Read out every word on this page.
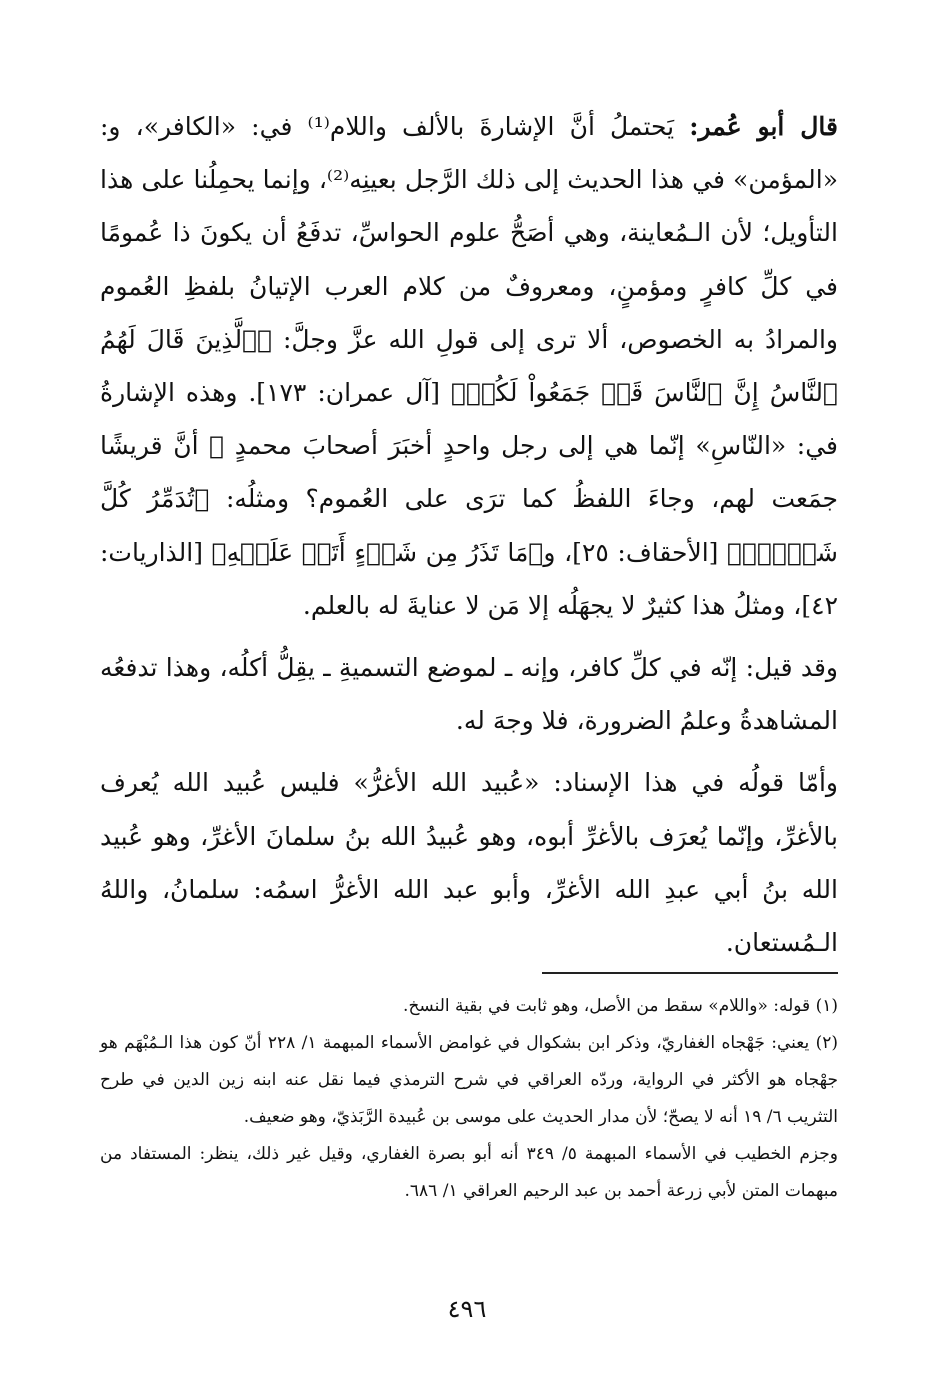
قال أبو عُمر: يَحتملُ أنَّ الإشارةَ بالألف واللام⁽¹⁾ في: «الكافر»، و: «المؤمن» في هذا الحديث إلى ذلك الرَّجل بعينِه⁽²⁾، وإنما يحمِلُنا على هذا التأويل؛ لأن الـمُعاينة، وهي أصَحُّ علوم الحواسِّ، تدفَعُ أن يكونَ ذا عُمومًا في كلِّ كافرٍ ومؤمنٍ، ومعروفٌ من كلام العرب الإتيانُ بلفظِ العُموم والمرادُ به الخصوص، ألا ترى إلى قولِ الله عزَّ وجلَّ: ﴿ٱلَّذِينَ قَالَ لَهُمُ ٱلنَّاسُ إِنَّ ٱلنَّاسَ قَدۡ جَمَعُواْ لَكُمۡ﴾ [آل عمران: ١٧٣]. وهذه الإشارةُ في: «النّاسِ» إنّما هي إلى رجل واحدٍ أخبَرَ أصحابَ محمدٍ ﷺ أنَّ قريشًا جمَعت لهم، وجاءَ اللفظُ كما ترَى على العُموم؟ ومثلُه: ﴿تُدَمِّرُ كُلَّ شَيۡءِۭ﴾ [الأحقاف: ٢٥]، و﴿مَا تَذَرُ مِن شَيۡءٍ أَتَتۡ عَلَيۡهِ﴾ [الذاريات: ٤٢]، ومثلُ هذا كثيرٌ لا يجهَلُه إلا مَن لا عنايةَ له بالعلم.

وقد قيل: إنّه في كلِّ كافر، وإنه ـ لموضع التسميةِ ـ يقِلُّ أكلُه، وهذا تدفعُه المشاهدةُ وعلمُ الضرورة، فلا وجهَ له.

وأمّا قولُه في هذا الإسناد: «عُبيد الله الأغرُّ» فليس عُبيد الله يُعرف بالأغرِّ، وإنّما يُعرَف بالأغرِّ أبوه، وهو عُبيدُ الله بنُ سلمانَ الأغرِّ، وهو عُبيد الله بنُ أبي عبدِ الله الأغرِّ، وأبو عبد الله الأغرُّ اسمُه: سلمانُ، واللهُ الـمُستعان.

(١) قوله: «واللام» سقط من الأصل، وهو ثابت في بقية النسخ.

(٢) يعني: جَهْجاه الغفاريّ، وذكر ابن بشكوال في غوامض الأسماء المبهمة ١/ ٢٢٨ أنّ كون هذا الـمُبْهَم هو جهْجاه هو الأكثر في الرواية، وردّه العراقي في شرح الترمذي فيما نقل عنه ابنه زين الدين في طرح التثريب ٦/ ١٩ أنه لا يصحّ؛ لأن مدار الحديث على موسى بن عُبيدة الرَّبَذيّ، وهو ضعيف.

وجزم الخطيب في الأسماء المبهمة ٥/ ٣٤٩ أنه أبو بصرة الغفاري، وقيل غير ذلك، ينظر: المستفاد من مبهمات المتن لأبي زرعة أحمد بن عبد الرحيم العراقي ١/ ٦٨٦.

٤٩٦
